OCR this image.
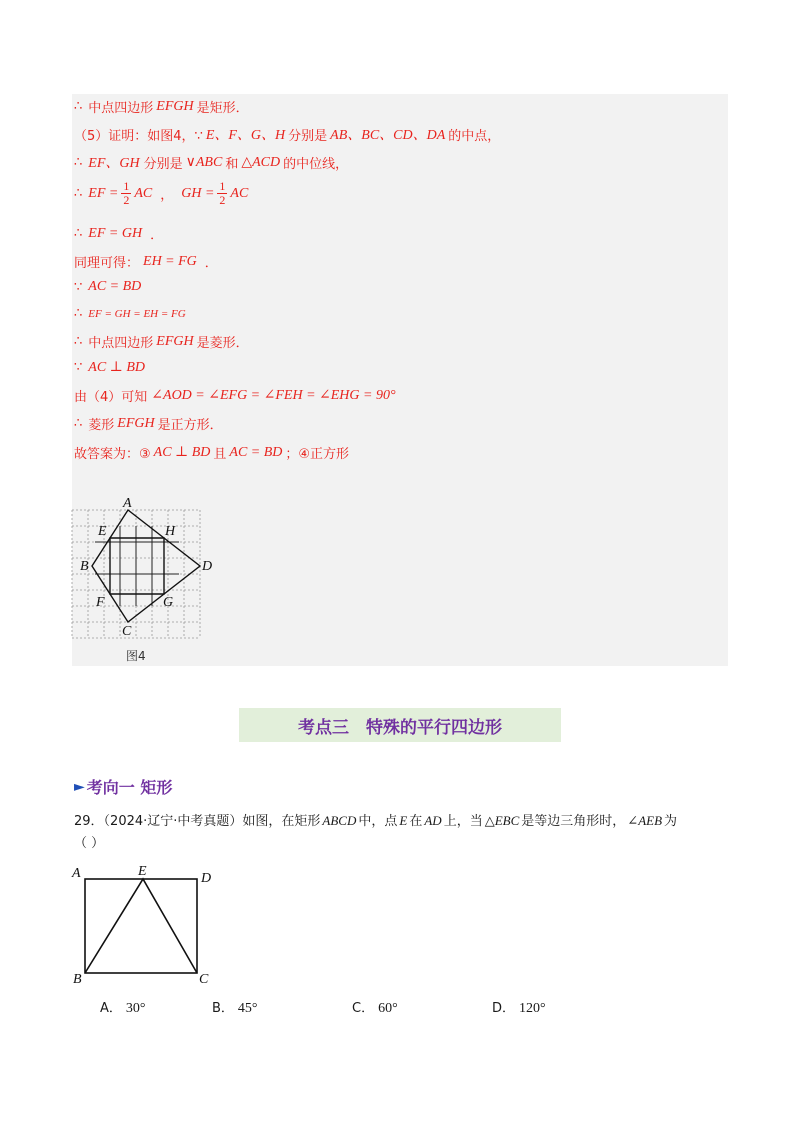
∴ 中点四边形 EFGH 是矩形．
（5）证明：如图4，∵ E、F、G、H 分别是 AB、BC、CD、DA 的中点，
∴ EF、GH 分别是 ∨ABC 和 △ACD 的中位线，
∴ EF = $\frac{1}{2}$ AC ， GH = $\frac{1}{2}$ AC
∴ EF = GH ．
同理可得： EH = FG ．
∵ AC = BD
∴ EF = GH = EH = FG
∴ 中点四边形 EFGH 是菱形．
∵ AC ⊥ BD
由（4）可知 ∠AOD = ∠EFG = ∠FEH = ∠EHG = 90°
∴ 菱形 EFGH 是正方形．
故答案为：③ AC ⊥ BD 且 AC = BD ；④正方形
A
E	H
B	D
F	G
C
图4
考点三　特殊的平行四边形
► 考向一 矩形
29．（2024·辽宁·中考真题）如图，在矩形 ABCD 中，点 E 在 AD 上，当 △EBC 是等边三角形时， ∠AEB 为
（ ）
A	E	D
B	C
A． 30°	B． 45°	C． 60°	D． 120°
